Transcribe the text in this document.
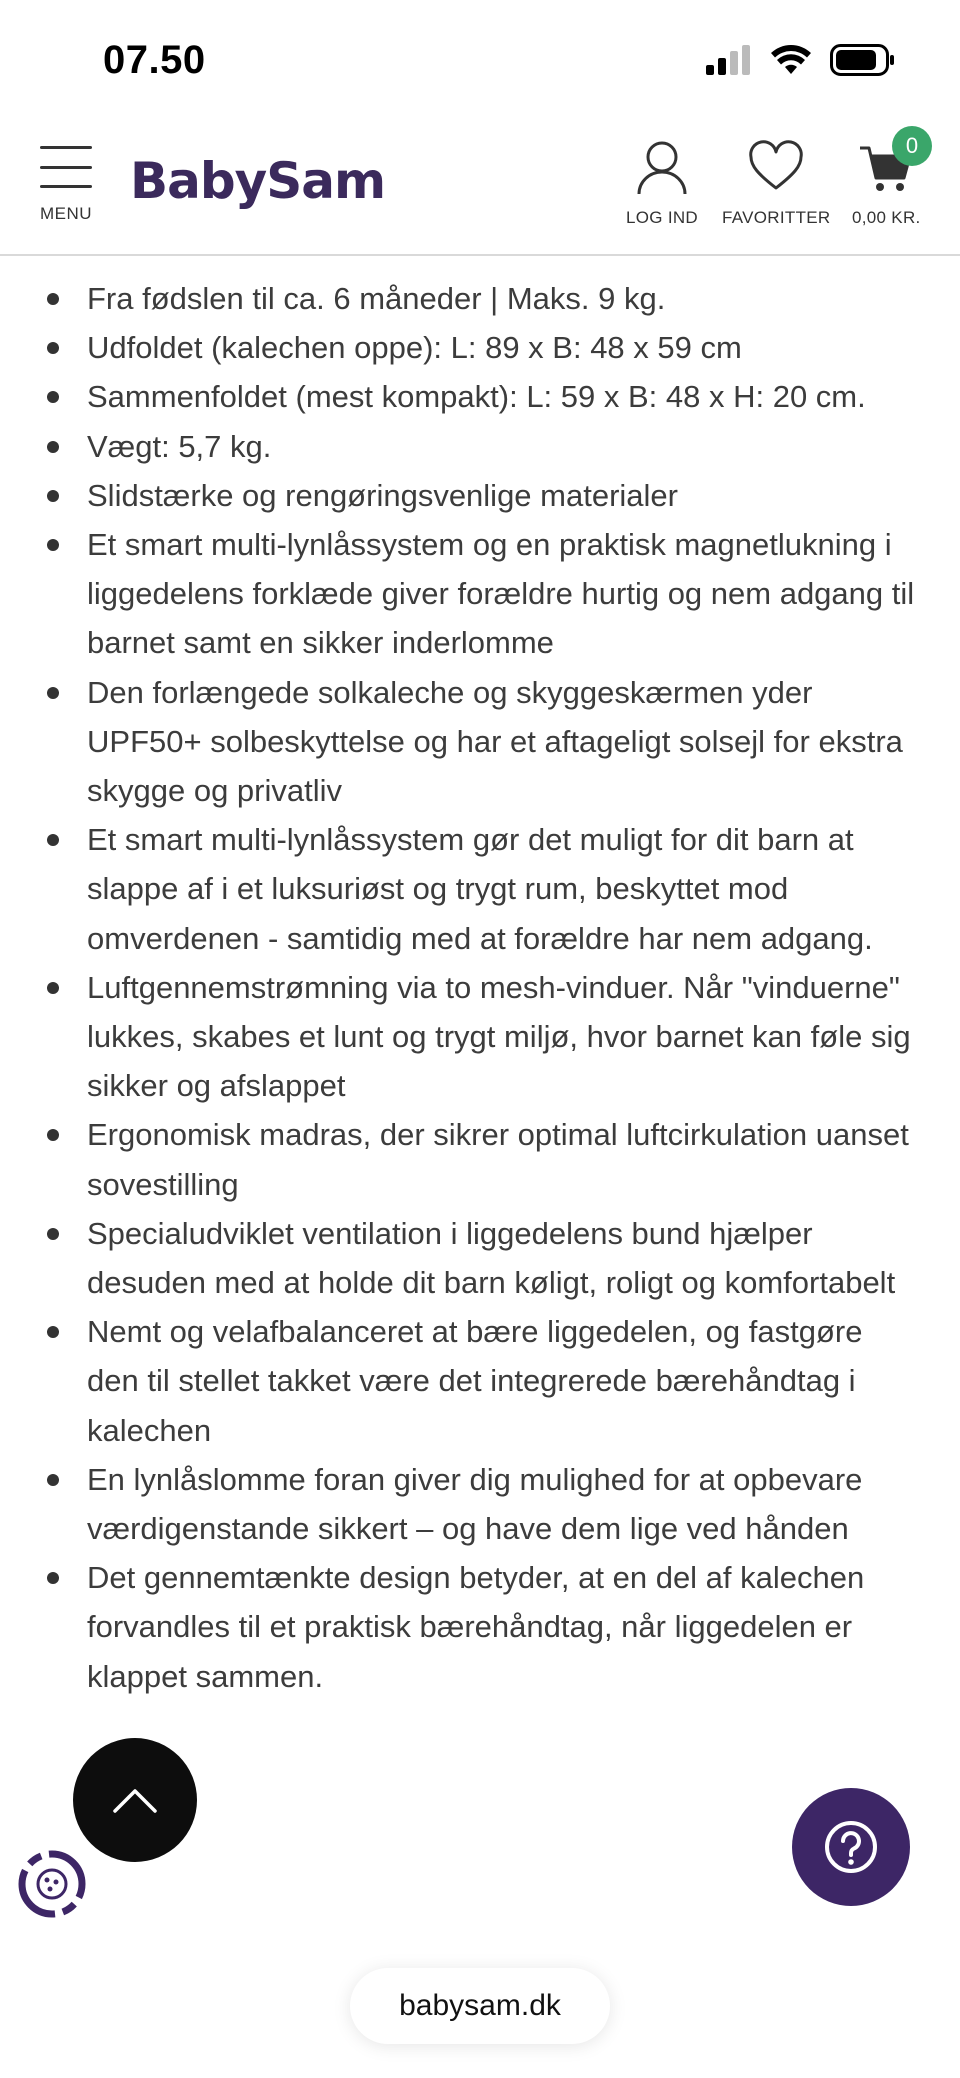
07.50
MENU
BabySam
LOG IND FAVORITTER 0,00 KR.
0
Fra fødslen til ca. 6 måneder | Maks. 9 kg.
Udfoldet (kalechen oppe): L: 89 x B: 48 x 59 cm
Sammenfoldet (mest kompakt): L: 59 x B: 48 x H: 20 cm.
Vægt: 5,7 kg.
Slidstærke og rengøringsvenlige materialer
Et smart multi-lynlåssystem og en praktisk magnetlukning i liggedelens forklæde giver forældre hurtig og nem adgang til barnet samt en sikker inderlomme
Den forlængede solkaleche og skyggeskærmen yder UPF50+ solbeskyttelse og har et aftageligt solsejl for ekstra skygge og privatliv
Et smart multi-lynlåssystem gør det muligt for dit barn at slappe af i et luksuriøst og trygt rum, beskyttet mod omverdenen - samtidig med at forældre har nem adgang.
Luftgennemstrømning via to mesh-vinduer. Når "vinduerne" lukkes, skabes et lunt og trygt miljø, hvor barnet kan føle sig sikker og afslappet
Ergonomisk madras, der sikrer optimal luftcirkulation uanset sovestilling
Specialudviklet ventilation i liggedelens bund hjælper desuden med at holde dit barn køligt, roligt og komfortabelt
Nemt og velafbalanceret at bære liggedelen, og fastgøre den til stellet takket være det integrerede bærehåndtag i kalechen
En lynlåslomme foran giver dig mulighed for at opbevare værdigenstande sikkert – og have dem lige ved hånden
Det gennemtænkte design betyder, at en del af kalechen forvandles til et praktisk bærehåndtag, når liggedelen er klappet sammen.
babysam.dk
